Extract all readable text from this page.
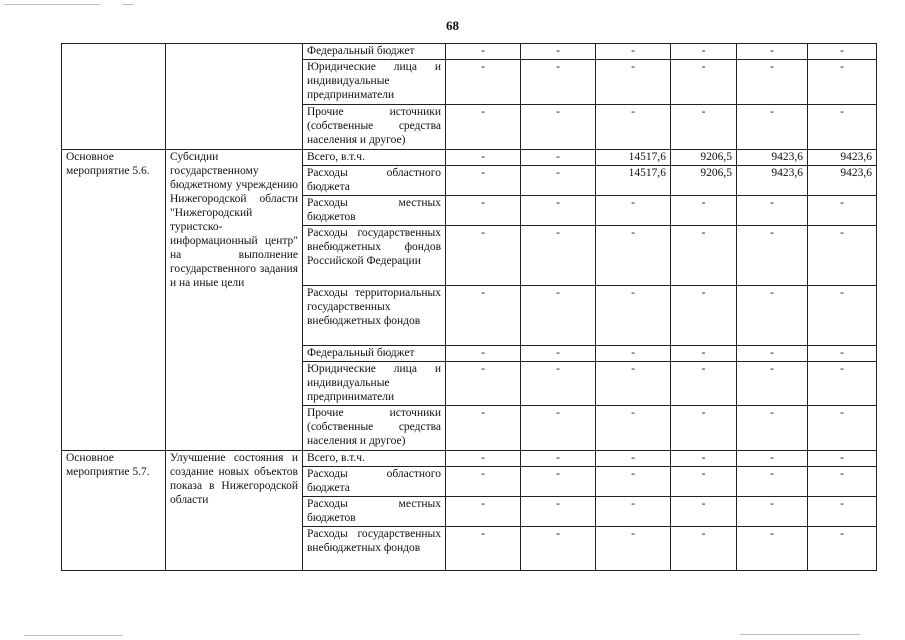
68
		Федеральный бюджет	-	-	-	-	-	-
		Юридические лица и индивидуальные предприниматели	-	-	-	-	-	-
		Прочие источники (собственные средства населения и другое)	-	-	-	-	-	-
Основное мероприятие 5.6.	Субсидии государственному бюджетному учреждению Нижегородской области "Нижегородский туристско-информационный центр" на выполнение государственного задания и на иные цели	Всего, в.т.ч.	-	-	14517,6	9206,5	9423,6	9423,6
		Расходы областного бюджета	-	-	14517,6	9206,5	9423,6	9423,6
		Расходы местных бюджетов	-	-	-	-	-	-
		Расходы государственных внебюджетных фондов Российской Федерации	-	-	-	-	-	-
		Расходы территориальных государственных внебюджетных фондов	-	-	-	-	-	-
		Федеральный бюджет	-	-	-	-	-	-
		Юридические лица и индивидуальные предприниматели	-	-	-	-	-	-
		Прочие источники (собственные средства населения и другое)	-	-	-	-	-	-
Основное мероприятие 5.7.	Улучшение состояния и создание новых объектов показа в Нижегородской области	Всего, в.т.ч.	-	-	-	-	-	-
		Расходы областного бюджета	-	-	-	-	-	-
		Расходы местных бюджетов	-	-	-	-	-	-
		Расходы государственных внебюджетных фондов	-	-	-	-	-	-
